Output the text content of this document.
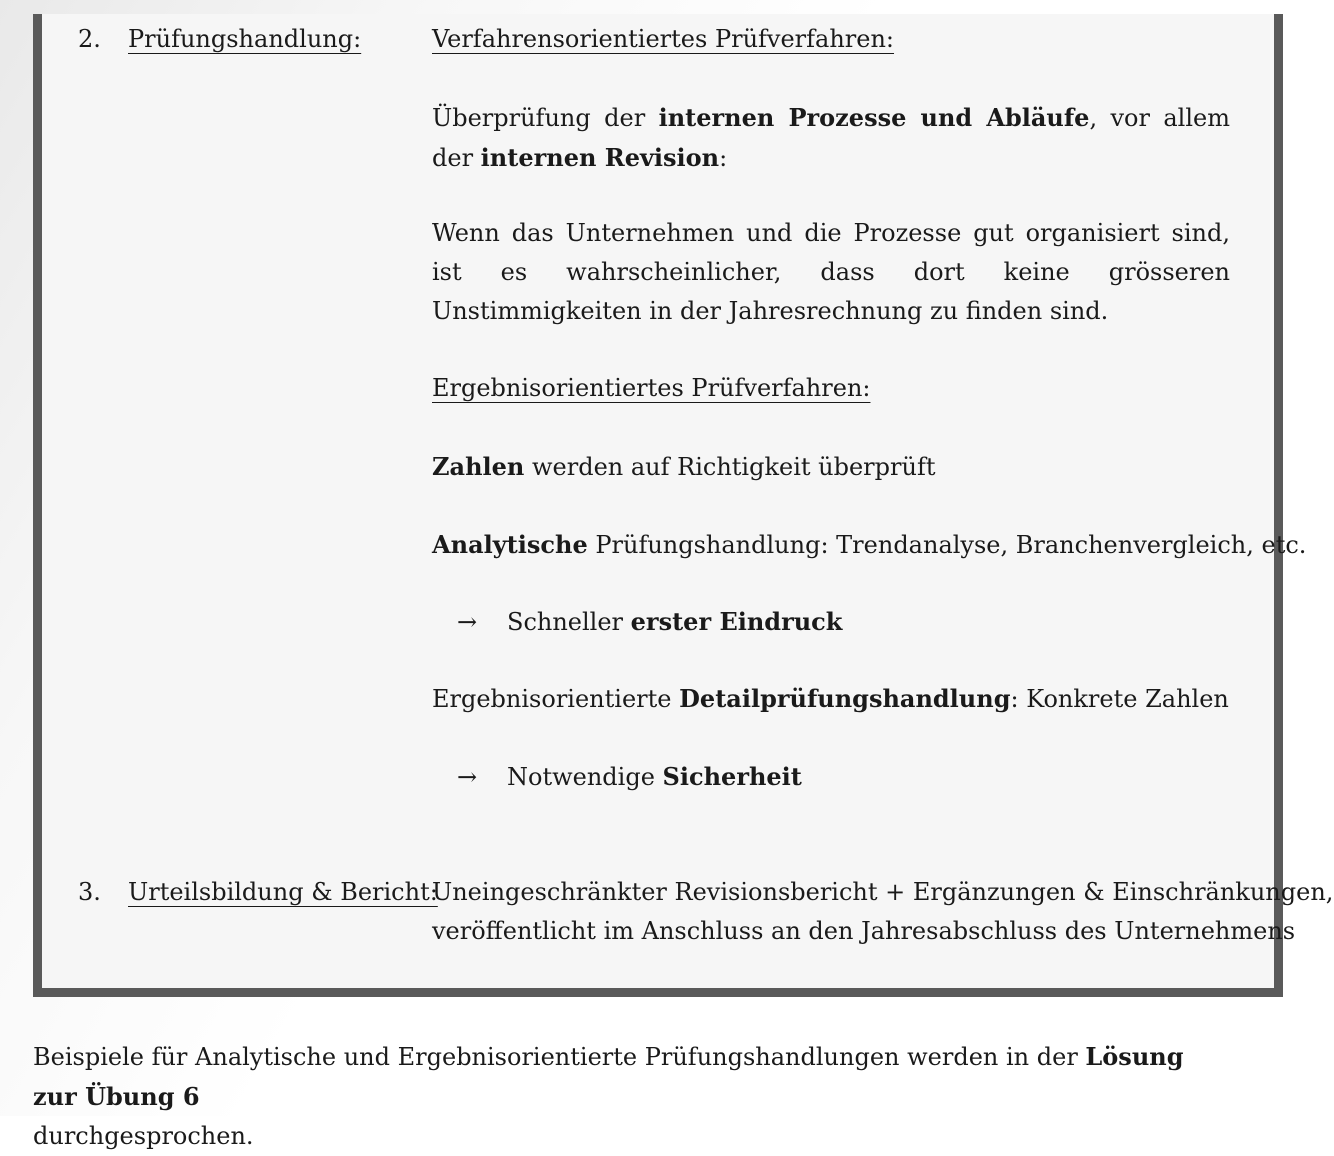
2. Prüfungshandlung:	Verfahrensorientiertes Prüfverfahren:
Überprüfung der internen Prozesse und Abläufe, vor allem der internen Revision:
Wenn das Unternehmen und die Prozesse gut organisiert sind, ist es wahrscheinlicher, dass dort keine grösseren Unstimmigkeiten in der Jahresrechnung zu finden sind.
Ergebnisorientiertes Prüfverfahren:
Zahlen werden auf Richtigkeit überprüft
Analytische Prüfungshandlung: Trendanalyse, Branchenvergleich, etc.
→ Schneller erster Eindruck
Ergebnisorientierte Detailprüfungshandlung: Konkrete Zahlen
→ Notwendige Sicherheit
3. Urteilsbildung & Bericht:
Uneingeschränkter Revisionsbericht + Ergänzungen & Einschränkungen,
veröffentlicht im Anschluss an den Jahresabschluss des Unternehmens
Beispiele für Analytische und Ergebnisorientierte Prüfungshandlungen werden in der Lösung zur Übung 6
durchgesprochen.
